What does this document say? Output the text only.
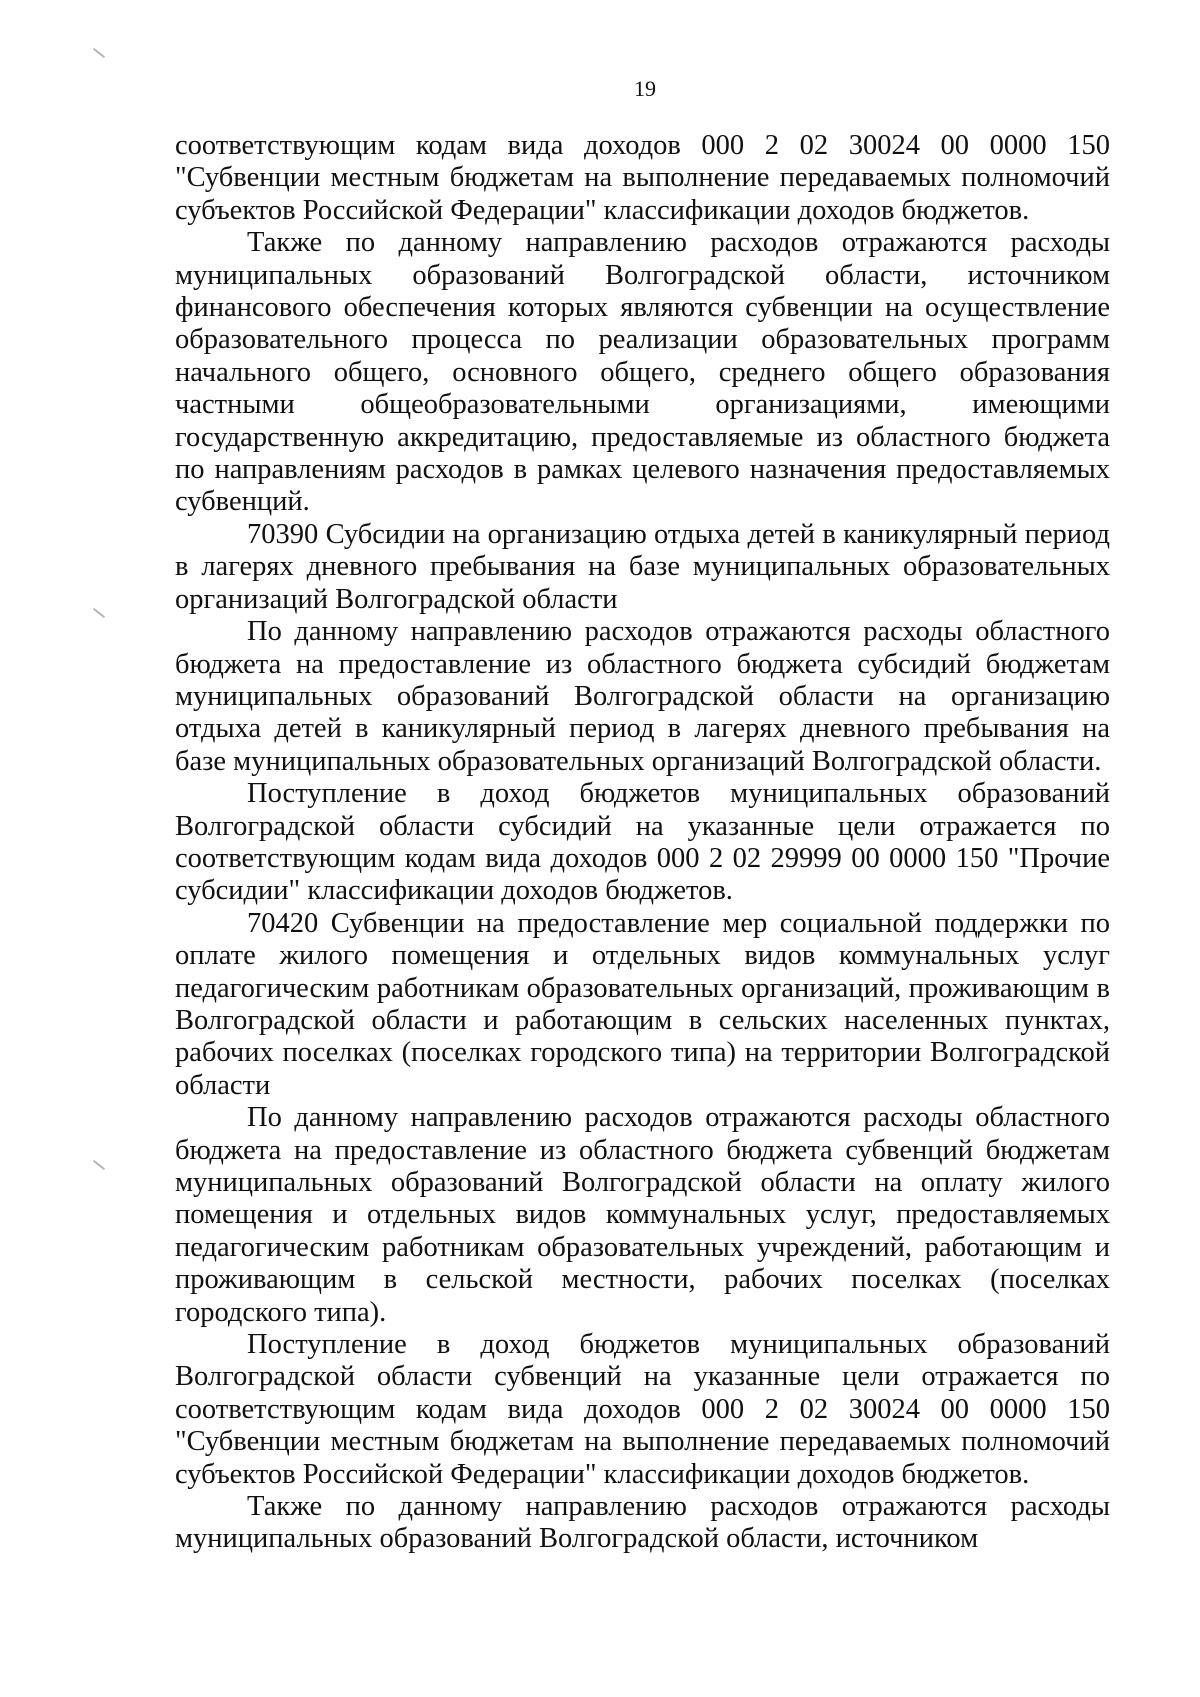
19

соответствующим кодам вида доходов 000 2 02 30024 00 0000 150 "Субвенции местным бюджетам на выполнение передаваемых полномочий субъектов Российской Федерации" классификации доходов бюджетов.

Также по данному направлению расходов отражаются расходы муниципальных образований Волгоградской области, источником финансового обеспечения которых являются субвенции на осуществление образовательного процесса по реализации образовательных программ начального общего, основного общего, среднего общего образования частными общеобразовательными организациями, имеющими государственную аккредитацию, предоставляемые из областного бюджета по направлениям расходов в рамках целевого назначения предоставляемых субвенций.

70390 Субсидии на организацию отдыха детей в каникулярный период в лагерях дневного пребывания на базе муниципальных образовательных организаций Волгоградской области

По данному направлению расходов отражаются расходы областного бюджета на предоставление из областного бюджета субсидий бюджетам муниципальных образований Волгоградской области на организацию отдыха детей в каникулярный период в лагерях дневного пребывания на базе муниципальных образовательных организаций Волгоградской области.

Поступление в доход бюджетов муниципальных образований Волгоградской области субсидий на указанные цели отражается по соответствующим кодам вида доходов 000 2 02 29999 00 0000 150 "Прочие субсидии" классификации доходов бюджетов.

70420 Субвенции на предоставление мер социальной поддержки по оплате жилого помещения и отдельных видов коммунальных услуг педагогическим работникам образовательных организаций, проживающим в Волгоградской области и работающим в сельских населенных пунктах, рабочих поселках (поселках городского типа) на территории Волгоградской области

По данному направлению расходов отражаются расходы областного бюджета на предоставление из областного бюджета субвенций бюджетам муниципальных образований Волгоградской области на оплату жилого помещения и отдельных видов коммунальных услуг, предоставляемых педагогическим работникам образовательных учреждений, работающим и проживающим в сельской местности, рабочих поселках (поселках городского типа).

Поступление в доход бюджетов муниципальных образований Волгоградской области субвенций на указанные цели отражается по соответствующим кодам вида доходов 000 2 02 30024 00 0000 150 "Субвенции местным бюджетам на выполнение передаваемых полномочий субъектов Российской Федерации" классификации доходов бюджетов.

Также по данному направлению расходов отражаются расходы муниципальных образований Волгоградской области, источником
